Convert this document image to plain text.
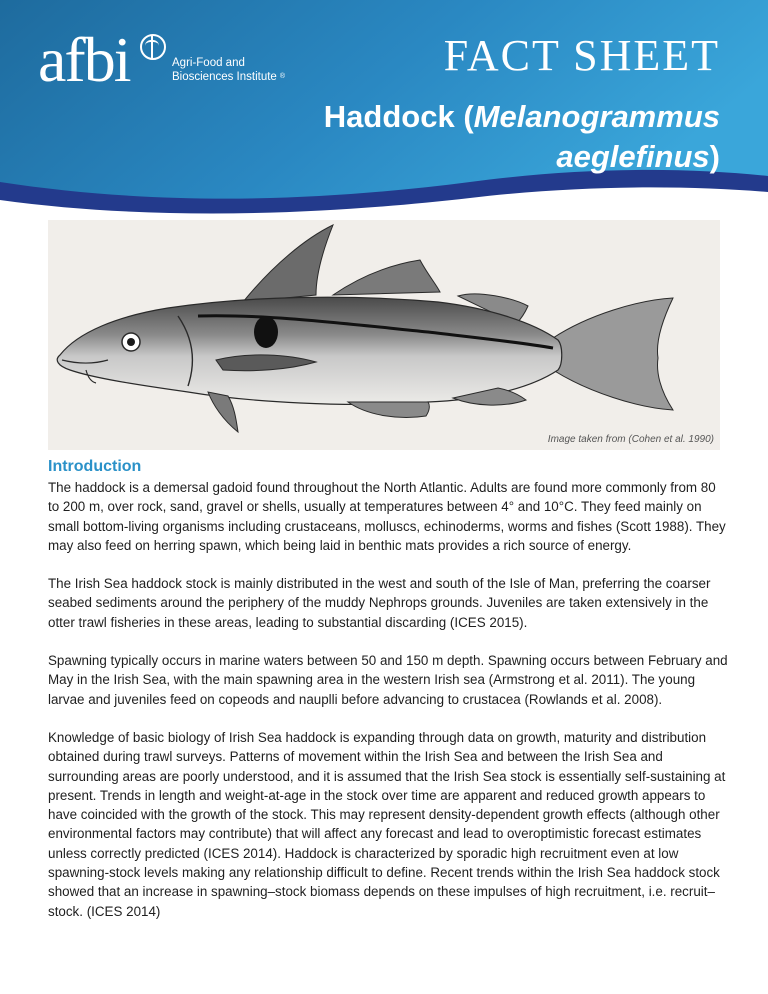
afbi	Agri-Food and
Biosciences Institute ®	FACT SHEET
Haddock (Melanogrammus
aeglefinus)
Image taken from (Cohen et al. 1990)
Introduction

The haddock is a demersal gadoid found throughout the North Atlantic. Adults are found more commonly from 80 to 200 m, over rock, sand, gravel or shells, usually at temperatures between 4° and 10°C. They feed mainly on small bottom-living organisms including crustaceans, molluscs, echinoderms, worms and fishes (Scott 1988). They may also feed on herring spawn, which being laid in benthic mats provides a rich source of energy.

The Irish Sea haddock stock is mainly distributed in the west and south of the Isle of Man, preferring the coarser seabed sediments around the periphery of the muddy Nephrops grounds. Juveniles are taken extensively in the otter trawl fisheries in these areas, leading to substantial discarding (ICES 2015).

Spawning typically occurs in marine waters between 50 and 150 m depth. Spawning occurs between February and May in the Irish Sea, with the main spawning area in the western Irish sea (Armstrong et al. 2011). The young larvae and juveniles feed on copeods and nauplli before advancing to crustacea (Rowlands et al. 2008).

Knowledge of basic biology of Irish Sea haddock is expanding through data on growth, maturity and distribution obtained during trawl surveys. Patterns of movement within the Irish Sea and between the Irish Sea and surrounding areas are poorly understood, and it is assumed that the Irish Sea stock is essentially self-sustaining at present. Trends in length and weight-at-age in the stock over time are apparent and reduced growth appears to have coincided with the growth of the stock. This may represent density-dependent growth effects (although other environmental factors may contribute) that will affect any forecast and lead to overoptimistic forecast estimates unless correctly predicted (ICES 2014). Haddock is characterized by sporadic high recruitment even at low spawning-stock levels making any relationship difficult to define. Recent trends within the Irish Sea haddock stock showed that an increase in spawning–stock biomass depends on these impulses of high recruitment, i.e. recruit–stock. (ICES 2014)
